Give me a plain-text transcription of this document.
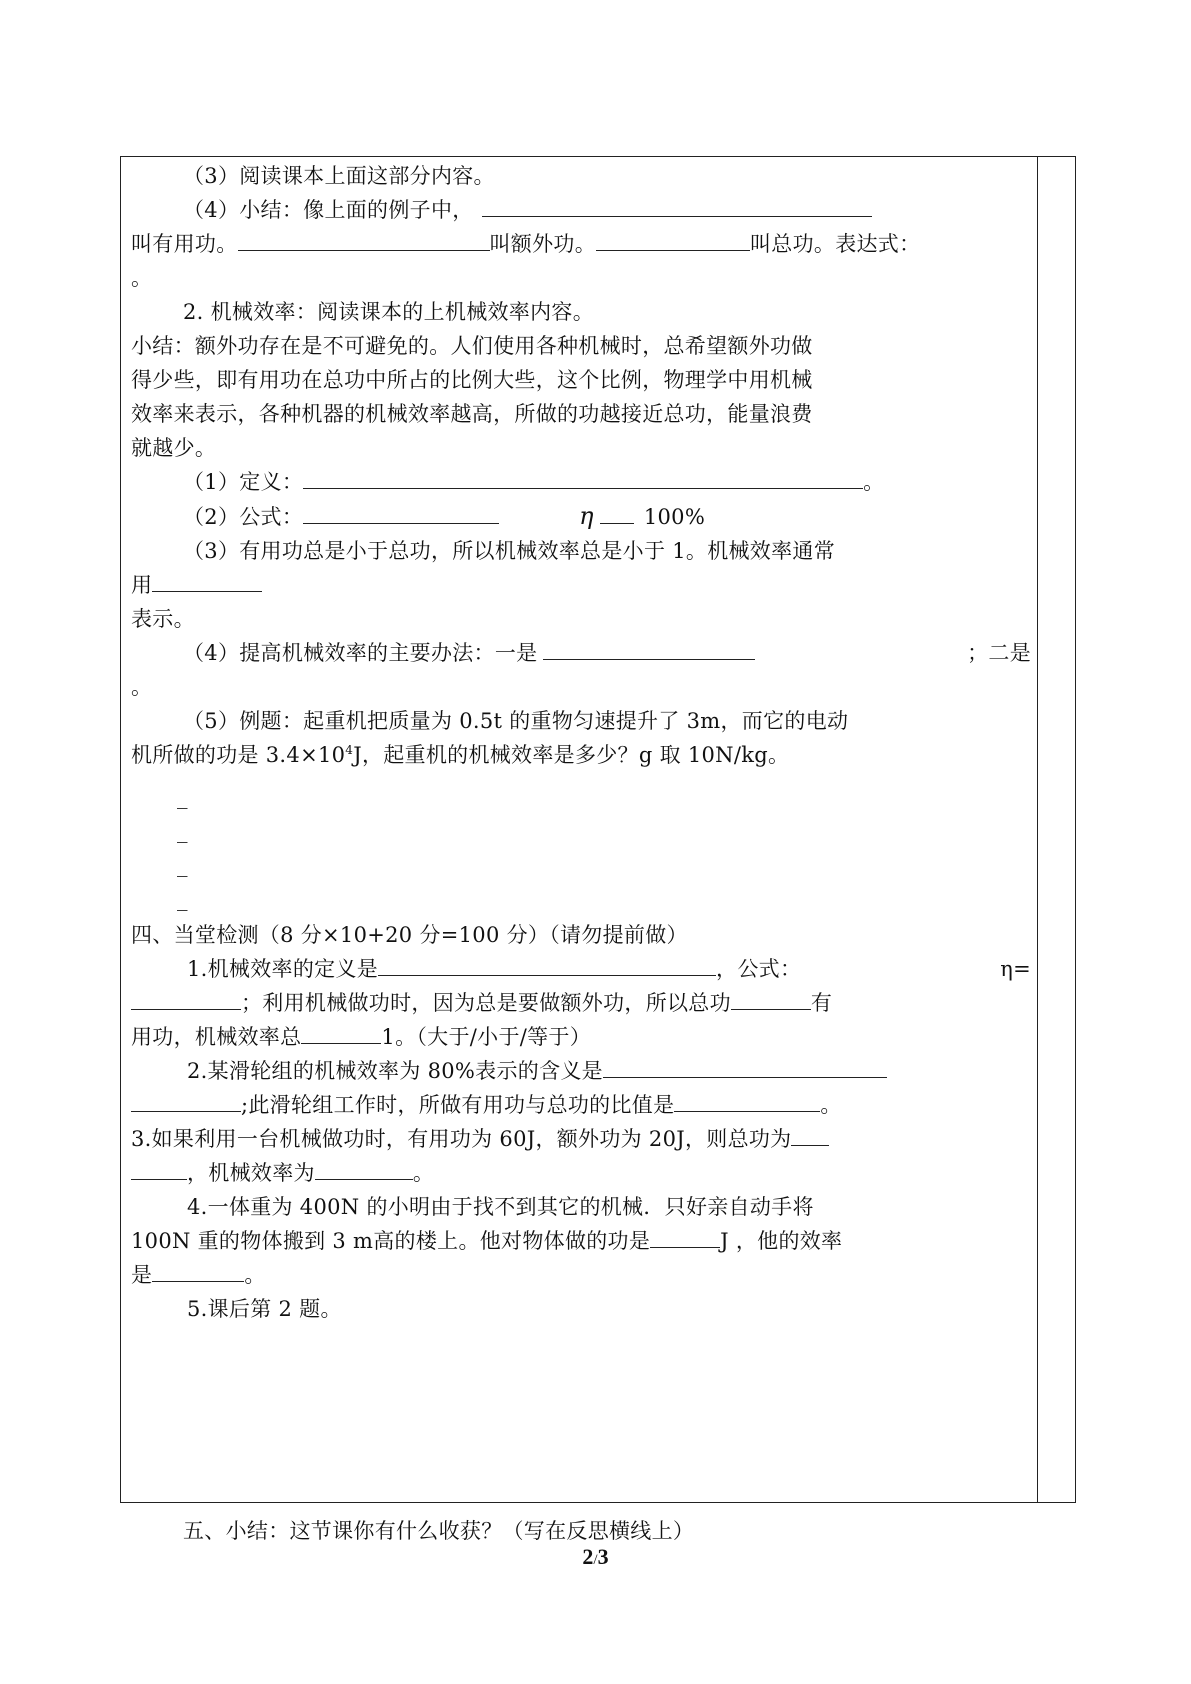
（3）阅读课本上面这部分内容。
（4）小结：像上面的例子中，
叫有用功。	叫额外功。	叫总功。表达式：
。
2. 机械效率：阅读课本的上机械效率内容。
小结：额外功存在是不可避免的。人们使用各种机械时，总希望额外功做
得少些，即有用功在总功中所占的比例大些，这个比例，物理学中用机械
效率来表示，各种机器的机械效率越高，所做的功越接近总功，能量浪费
就越少。
（1）定义：	。
（2）公式：	η 100%
（3）有用功总是小于总功，所以机械效率总是小于 1。机械效率通常
用
表示。
（4）提高机械效率的主要办法：一是	；二是
。
（5）例题：起重机把质量为 0.5t 的重物匀速提升了 3m，而它的电动
机所做的功是 $3.4\times 10^4J$，起重机的机械效率是多少？g 取 10N/kg。
_
_
_
_
四、当堂检测（8 分×10+20 分=100 分）（请勿提前做）
1.机械效率的定义是	，公式：	η=
；利用机械做功时，因为总是要做额外功，所以总功	有
用功，机械效率总	1。（大于/小于/等于）
2.某滑轮组的机械效率为 80%表示的含义是
;此滑轮组工作时，所做有用功与总功的比值是	。
3.如果利用一台机械做功时，有用功为 60J，额外功为 20J，则总功为
，机械效率为	。
4.一体重为 400N 的小明由于找不到其它的机械．只好亲自动手将
100N 重的物体搬到 3 m高的楼上。他对物体做的功是	J ，他的效率
是	。
5.课后第 2 题。
五、小结：这节课你有什么收获？（写在反思横线上）
2/3
